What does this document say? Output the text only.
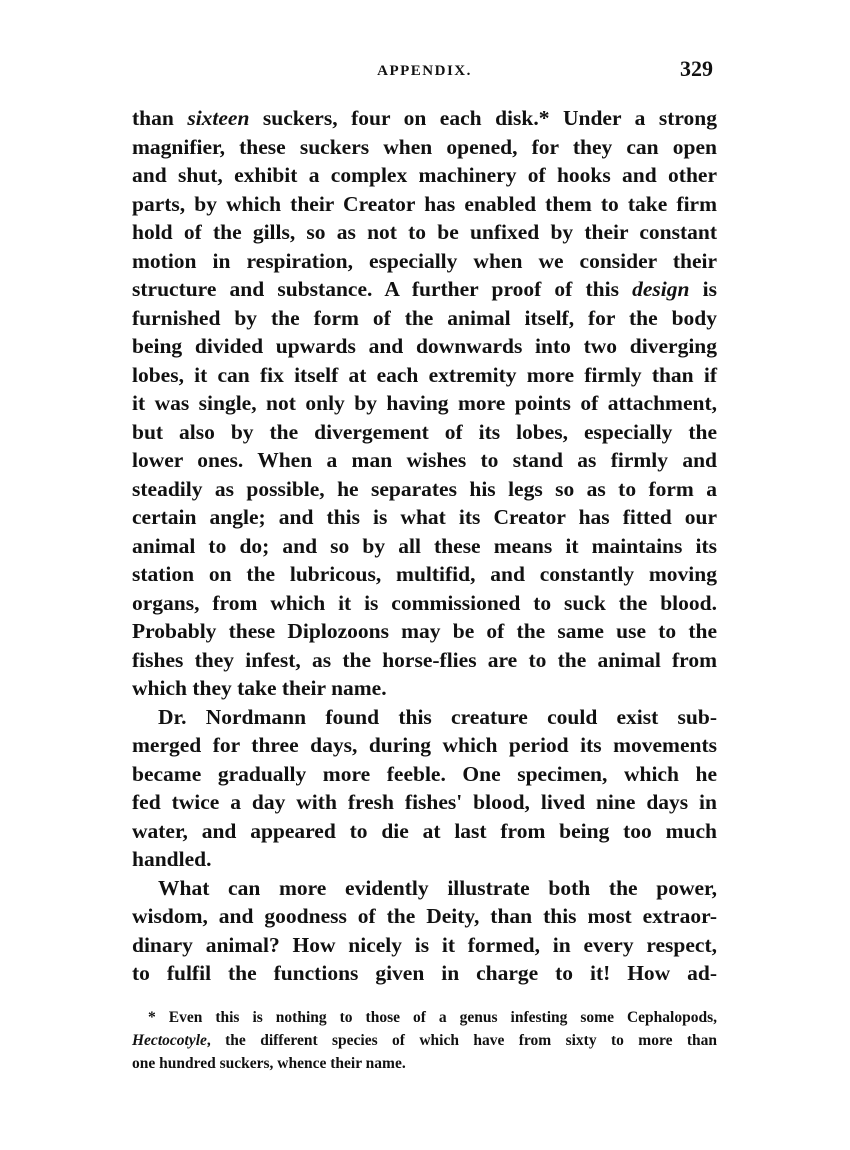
APPENDIX.	329
than sixteen suckers, four on each disk.* Under a strong
magnifier, these suckers when opened, for they can open
and shut, exhibit a complex machinery of hooks and other
parts, by which their Creator has enabled them to take firm
hold of the gills, so as not to be unfixed by their constant
motion in respiration, especially when we consider their
structure and substance. A further proof of this design is
furnished by the form of the animal itself, for the body
being divided upwards and downwards into two diverging
lobes, it can fix itself at each extremity more firmly than if
it was single, not only by having more points of attachment,
but also by the divergement of its lobes, especially the
lower ones. When a man wishes to stand as firmly and
steadily as possible, he separates his legs so as to form a
certain angle; and this is what its Creator has fitted our
animal to do; and so by all these means it maintains its
station on the lubricous, multifid, and constantly moving
organs, from which it is commissioned to suck the blood.
Probably these Diplozoons may be of the same use to the
fishes they infest, as the horse-flies are to the animal from
which they take their name.
Dr. Nordmann found this creature could exist sub-
merged for three days, during which period its movements
became gradually more feeble. One specimen, which he
fed twice a day with fresh fishes' blood, lived nine days in
water, and appeared to die at last from being too much
handled.
What can more evidently illustrate both the power,
wisdom, and goodness of the Deity, than this most extraor-
dinary animal? How nicely is it formed, in every respect,
to fulfil the functions given in charge to it! How ad-
* Even this is nothing to those of a genus infesting some Cephalopods,
Hectocotyle, the different species of which have from sixty to more than
one hundred suckers, whence their name.
